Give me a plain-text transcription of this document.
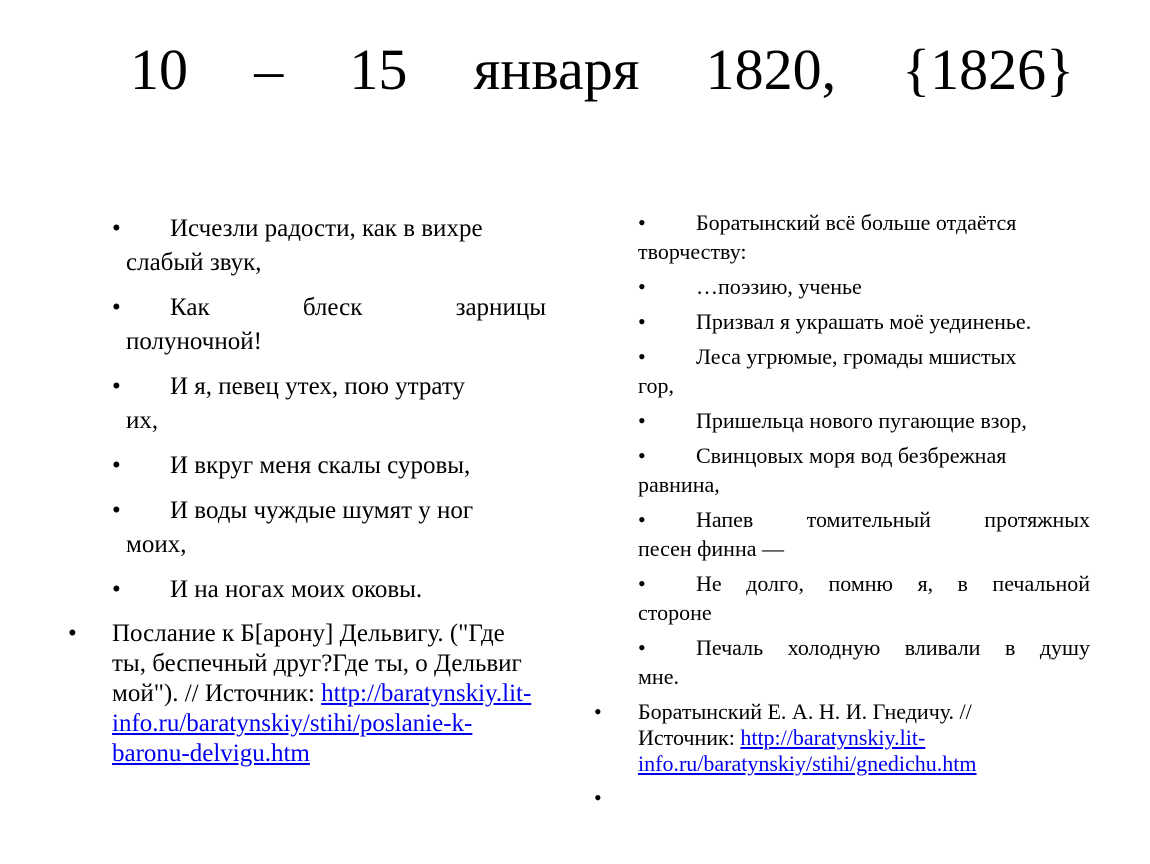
10 – 15 января 1820, {1826}
• Исчезли радости, как в вихре
слабый звук,
• Как блеск зарницы
полуночной!
• И я, певец утех, пою утрату
их,
• И вкруг меня скалы суровы,
• И воды чуждые шумят у ног
моих,
• И на ногах моих оковы.
• Послание к Б[арону] Дельвигу. ("Где ты, беспечный друг?Где ты, о Дельвиг мой"). // Источник: http://baratynskiy.lit-info.ru/baratynskiy/stihi/poslanie-k-baronu-delvigu.htm
• Боратынский всё больше отдаётся
творчеству:
• …поэзию, ученье
• Призвал я украшать моё уединенье.
• Леса угрюмые, громады мшистых
гор,
• Пришельца нового пугающие взор,
• Свинцовых моря вод безбрежная
равнина,
• Напев томительный протяжных
песен финна —
• Не долго, помню я, в печальной
стороне
• Печаль холодную вливали в душу
мне.
• Боратынский Е. А. Н. И. Гнедичу. // Источник: http://baratynskiy.lit-info.ru/baratynskiy/stihi/gnedichu.htm
•
